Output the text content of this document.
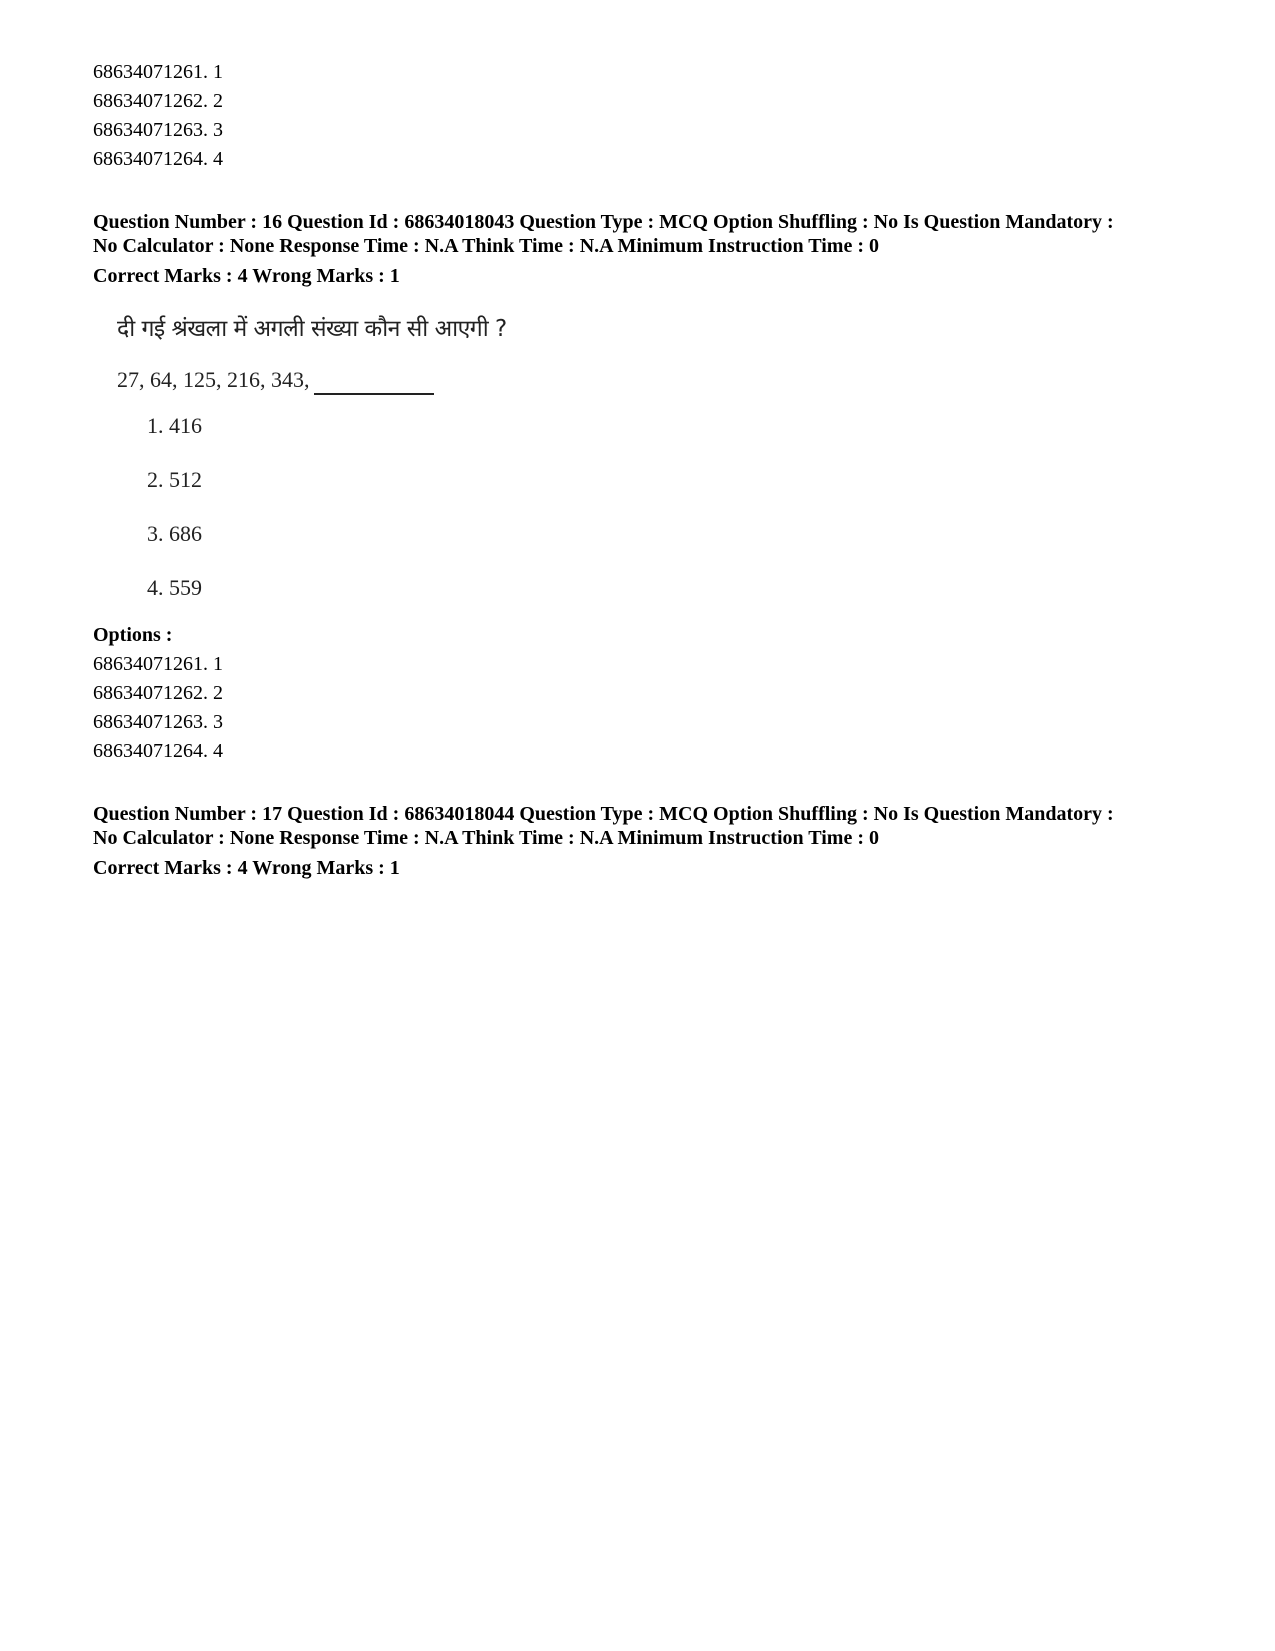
68634071261. 1
68634071262. 2
68634071263. 3
68634071264. 4

Question Number : 16 Question Id : 68634018043 Question Type : MCQ Option Shuffling : No Is Question Mandatory :

No Calculator : None Response Time : N.A Think Time : N.A Minimum Instruction Time : 0

Correct Marks : 4 Wrong Marks : 1

दी गई श्रंखला में अगली संख्या कौन सी आएगी ?

27, 64, 125, 216, 343,

1. 416
2. 512
3. 686
4. 559

Options :

68634071261. 1
68634071262. 2
68634071263. 3
68634071264. 4

Question Number : 17 Question Id : 68634018044 Question Type : MCQ Option Shuffling : No Is Question Mandatory :

No Calculator : None Response Time : N.A Think Time : N.A Minimum Instruction Time : 0

Correct Marks : 4 Wrong Marks : 1
